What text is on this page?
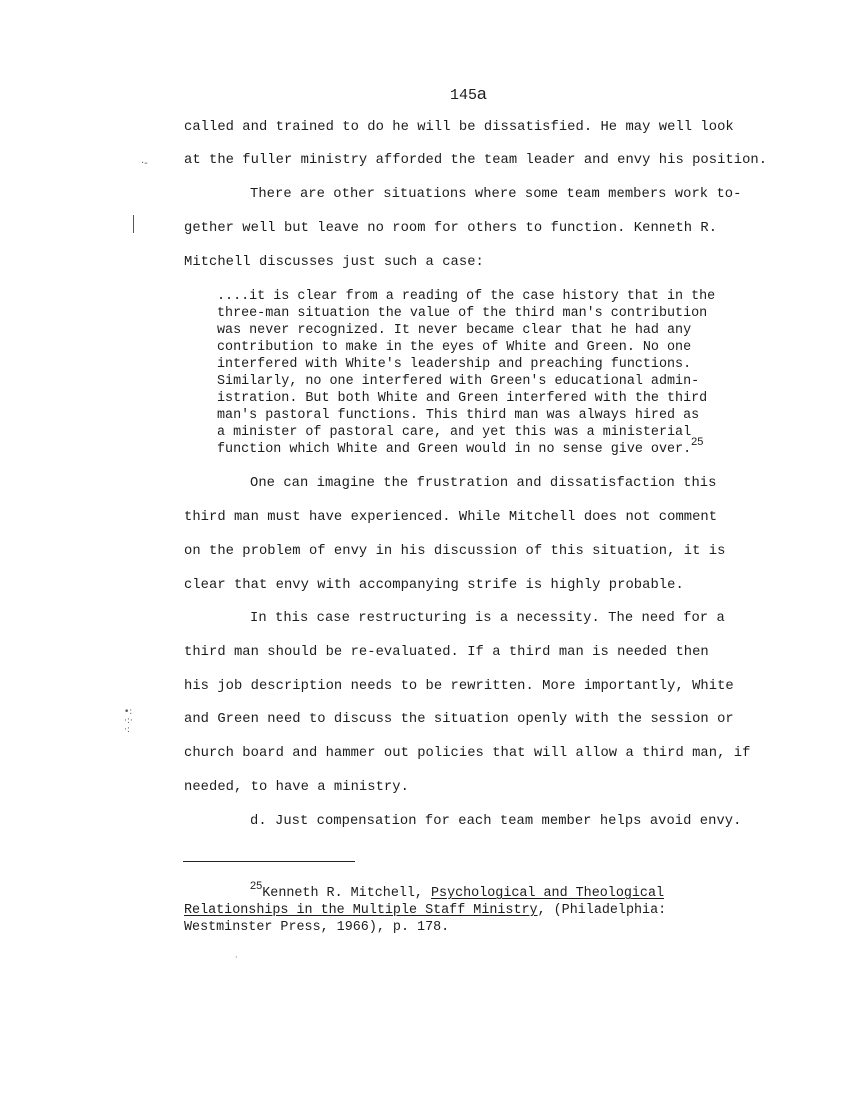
145a
called and trained to do he will be dissatisfied. He may well look
at the fuller ministry afforded the team leader and envy his position.
There are other situations where some team members work to-
gether well but leave no room for others to function. Kenneth R.
Mitchell discusses just such a case:
....it is clear from a reading of the case history that in the
three-man situation the value of the third man's contribution
was never recognized. It never became clear that he had any
contribution to make in the eyes of White and Green. No one
interfered with White's leadership and preaching functions.
Similarly, no one interfered with Green's educational admin-
istration. But both White and Green interfered with the third
man's pastoral functions. This third man was always hired as
a minister of pastoral care, and yet this was a ministerial
function which White and Green would in no sense give over.$^{25}$
One can imagine the frustration and dissatisfaction this
third man must have experienced. While Mitchell does not comment
on the problem of envy in his discussion of this situation, it is
clear that envy with accompanying strife is highly probable.
In this case restructuring is a necessity. The need for a
third man should be re-evaluated. If a third man is needed then
his job description needs to be rewritten. More importantly, White
and Green need to discuss the situation openly with the session or
church board and hammer out policies that will allow a third man, if
needed, to have a ministry.
d. Just compensation for each team member helps avoid envy.
$^{25}$Kenneth R. Mitchell, Psychological and Theological
Relationships in the Multiple Staff Ministry, (Philadelphia:
Westminster Press, 1966), p. 178.
·-
•:
·:·
·:
·
